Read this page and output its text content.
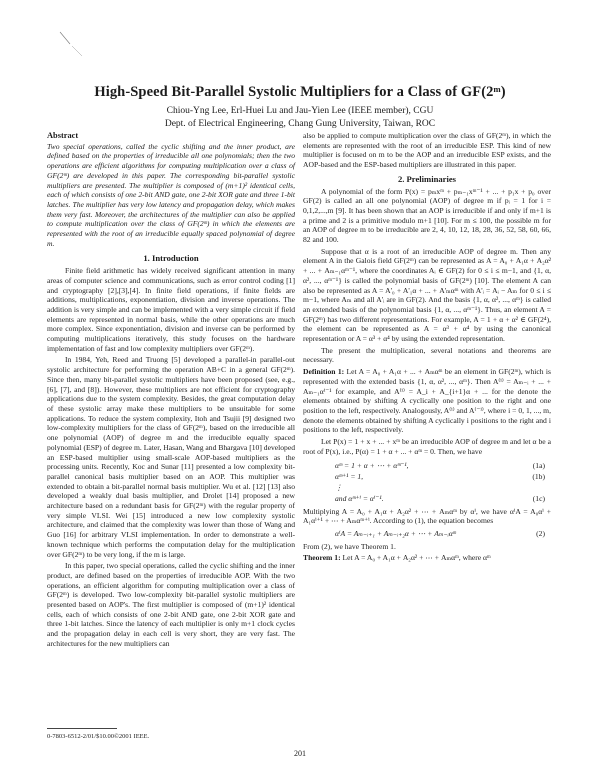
High-Speed Bit-Parallel Systolic Multipliers for a Class of GF(2ᵐ)
Chiou-Yng Lee, Erl-Huei Lu and Jau-Yien Lee (IEEE member), CGU
Dept. of Electrical Engineering, Chang Gung University, Taiwan, ROC
Abstract
Two special operations, called the cyclic shifting and the inner product, are defined based on the properties of irreducible all one polynomials; then the two operations are efficient algorithms for computing multiplication over a class of GF(2ᵐ) are developed in this paper. The corresponding bit-parallel systolic multipliers are presented. The multiplier is composed of (m+1)² identical cells, each of which consists of one 2-bit AND gate, one 2-bit XOR gate and three 1-bit latches. The multiplier has very low latency and propagation delay, which makes them very fast. Moreover, the architectures of the multiplier can also be applied to compute multiplication over the class of GF(2ᵐ) in which the elements are represented with the root of an irreducible equally spaced polynomial of degree m.
1. Introduction

Finite field arithmetic has widely received significant attention in many areas of computer science and communications, such as error control coding [1] and cryptography [2],[3],[4]. In finite field operations, if finite fields are additions, multiplications, exponentiation, division and inverse operations. The addition is very simple and can be implemented with a very simple circuit if field elements are represented in normal basis, while the other operations are much more complex. Since exponentiation, division and inverse can be performed by computing multiplications iteratively, this study focuses on the hardware implementation of fast and low complexity multipliers over GF(2ᵐ).

In 1984, Yeh, Reed and Truong [5] developed a parallel-in parallel-out systolic architecture for performing the operation AB+C in a general GF(2ᵐ). Since then, many bit-parallel systolic multipliers have been proposed (see, e.g., [6], [7], and [8]). However, these multipliers are not efficient for cryptography applications due to the system complexity. Besides, the great computation delay of these systolic array make these multipliers to be unsuitable for some applications. To reduce the system complexity, Itoh and Tsujii [9] designed two low-complexity multipliers for the class of GF(2ᵐ), based on the irreducible all one polynomial (AOP) of degree m and the irreducible equally spaced polynomial (ESP) of degree m. Later, Hasan, Wang and Bhargava [10] developed an ESP-based multiplier using small-scale AOP-based multipliers as the processing units. Recently, Koc and Sunar [11] presented a low complexity bit-parallel canonical basis multiplier based on an AOP. This multiplier was extended to obtain a bit-parallel normal basis multiplier. Wu et al. [12] [13] also developed a weakly dual basis multiplier, and Drolet [14] proposed a new architecture based on a redundant basis for GF(2ᵐ) with the regular property of very simple VLSI. Wei [15] introduced a new low complexity systolic architecture, and claimed that the complexity was lower than those of Wang and Guo [16] for arbitrary VLSI implementation. In order to demonstrate a well-known technique which performs the computation delay for the multiplication over GF(2ᵐ) to be very long, if the m is large.

In this paper, two special operations, called the cyclic shifting and the inner product, are defined based on the properties of irreducible AOP. With the two operations, an efficient algorithm for computing multiplication over a class of GF(2ᵐ) is developed. Two low-complexity bit-parallel systolic multipliers are presented based on AOP's. The first multiplier is composed of (m+1)² identical cells, each of which consists of one 2-bit AND gate, one 2-bit XOR gate and three 1-bit latches. Since the latency of each multiplier is only m+1 clock cycles and the propagation delay in each cell is very short, they are very fast. The architectures for the new multipliers can

also be applied to compute multiplication over the class of GF(2ᵐ), in which the elements are represented with the root of an irreducible ESP. This kind of new multiplier is focused on m to be the AOP and an irreducible ESP exists, and the AOP-based and the ESP-based multipliers are illustrated in this paper.

2. Preliminaries

A polynomial of the form P(x) = pₘxᵐ + pₘ₋₁xᵐ⁻¹ + ... + p₁x + p₀ over GF(2) is called an all one polynomial (AOP) of degree m if pᵢ = 1 for i = 0,1,2,...,m [9]. It has been shown that an AOP is irreducible if and only if m+1 is a prime and 2 is a primitive modulo m+1 [10]. For m ≤ 100, the possible m for an AOP of degree m to be irreducible are 2, 4, 10, 12, 18, 28, 36, 52, 58, 60, 66, 82 and 100.

Suppose that α is a root of an irreducible AOP of degree m. Then any element A in the Galois field GF(2ᵐ) can be represented as A = A₀ + A₁α + A₂α² + ... + Aₘ₋₁αᵐ⁻¹, where the coordinates Aᵢ ∈ GF(2) for 0 ≤ i ≤ m−1, and {1, α, α², ..., αᵐ⁻¹} is called the polynomial basis of GF(2ᵐ) [10]. The element A can also be represented as A = A'₀ + A'₁α + ... + A'ₘαᵐ with A'ᵢ = Aᵢ − Aₘ for 0 ≤ i ≤ m−1, where Aₘ and all A'ᵢ are in GF(2). And the basis {1, α, α², ..., αᵐ} is called an extended basis of the polynomial basis {1, α, ..., αᵐ⁻¹}. Thus, an element A = GF(2ᵐ) has two different representations. For example, A = 1 + α + α² ∈ GF(2⁴), the element can be represented as A = α³ + α⁴ by using the canonical representation or A = α³ + α⁴ by using the extended representation.

The present the multiplication, several notations and theorems are necessary.

Definition 1: Let A = A₀ + A₁α + ... + Aₘαᵐ be an element in GF(2ᵐ), which is represented with the extended basis {1, α, α², ..., αᵐ}. Then A⁽ⁱ⁾ = Aₘ₋ᵢ + ... + Aₘ₋₁αⁱ⁻¹ for example, and A⁽ⁱ⁾ = A_i + A_{i+1}α + ... for the denote the elements obtained by shifting A cyclically one position to the right and one position to the left, respectively. Analogously, A⁽ⁱ⁾ and A⁽⁻ⁱ⁾, where i = 0, 1, ..., m, denote the elements obtained by shifting A cyclically i positions to the right and i positions to the left, respectively.

Let P(x) = 1 + x + ... + xᵐ be an irreducible AOP of degree m and let α be a root of P(x), i.e., P(α) = 1 + α + ... + αᵐ = 0. Then, we have

αᵐ = 1 + α + ⋯ + αᵐ⁻¹,	(1a)
αᵐ⁺¹ = 1,	(1b)
⋮
and αᵐ⁺ⁱ = αⁱ⁻¹.	(1c)

Multiplying A = A₀ + A₁α + A₂α² + ⋯ + Aₘαᵐ by αⁱ, we have αⁱA = A₀αⁱ + A₁αⁱ⁺¹ + ⋯ + Aₘαᵐ⁺ⁱ. According to (1), the equation becomes

αⁱA = Aₘ₋ᵢ₊₁ + Aₘ₋ᵢ₊₂α + ⋯ + Aₘ₋ᵢαᵐ	(2)

From (2), we have Theorem 1.

Theorem 1: Let A = A₀ + A₁α + A₂α² + ⋯ + Aₘαᵐ, where αᵐ

0-7803-6512-2/01/$10.00©2001 IEEE.
201
